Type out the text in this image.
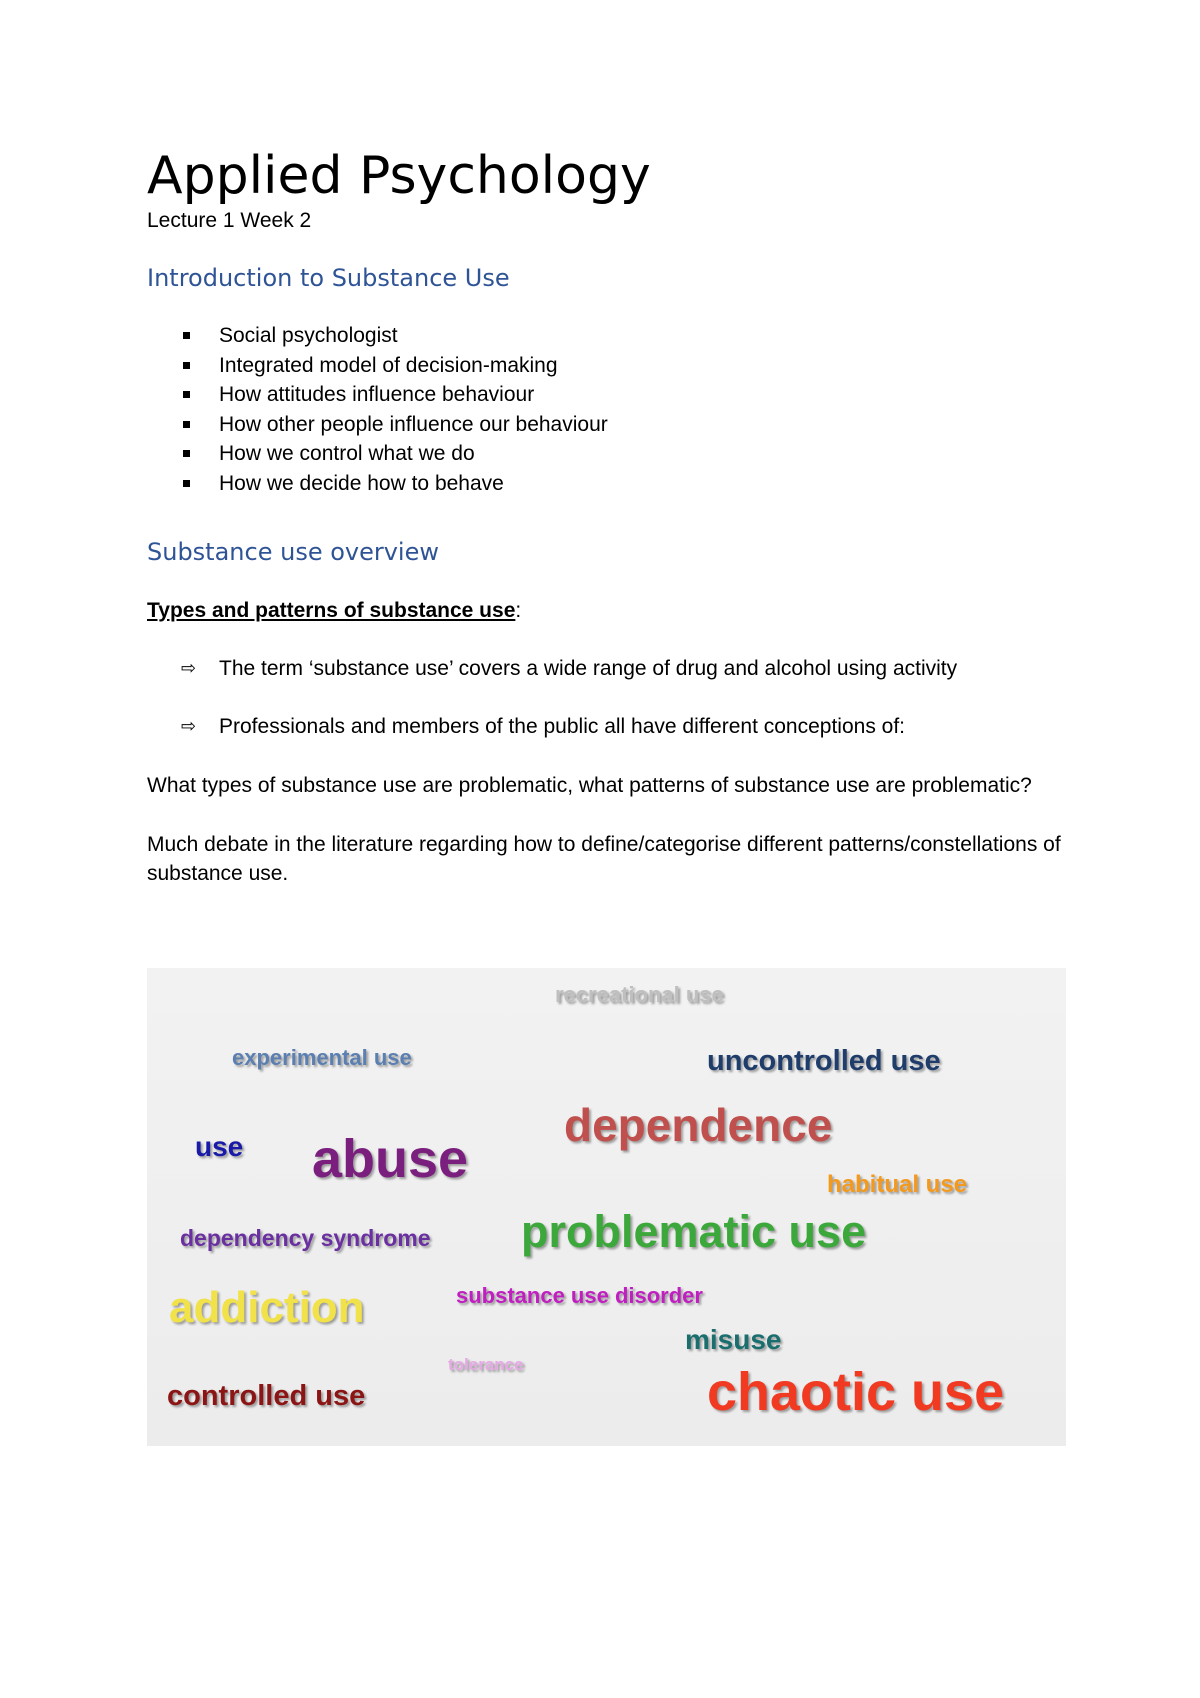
Applied Psychology

Lecture 1 Week 2

Introduction to Substance Use
Social psychologist
Integrated model of decision-making
How attitudes influence behaviour
How other people influence our behaviour
How we control what we do
How we decide how to behave
Substance use overview
Types and patterns of substance use:
⇨ The term ‘substance use’ covers a wide range of drug and alcohol using activity
⇨ Professionals and members of the public all have different conceptions of:

What types of substance use are problematic, what patterns of substance use are problematic?

Much debate in the literature regarding how to define/categorise different patterns/constellations of substance use.

recreational use
experimental use	uncontrolled use
dependence
use abuse	habitual use
dependency syndrome problematic use
addiction	substance use disorder
misuse
tolerance
controlled use	chaotic use
